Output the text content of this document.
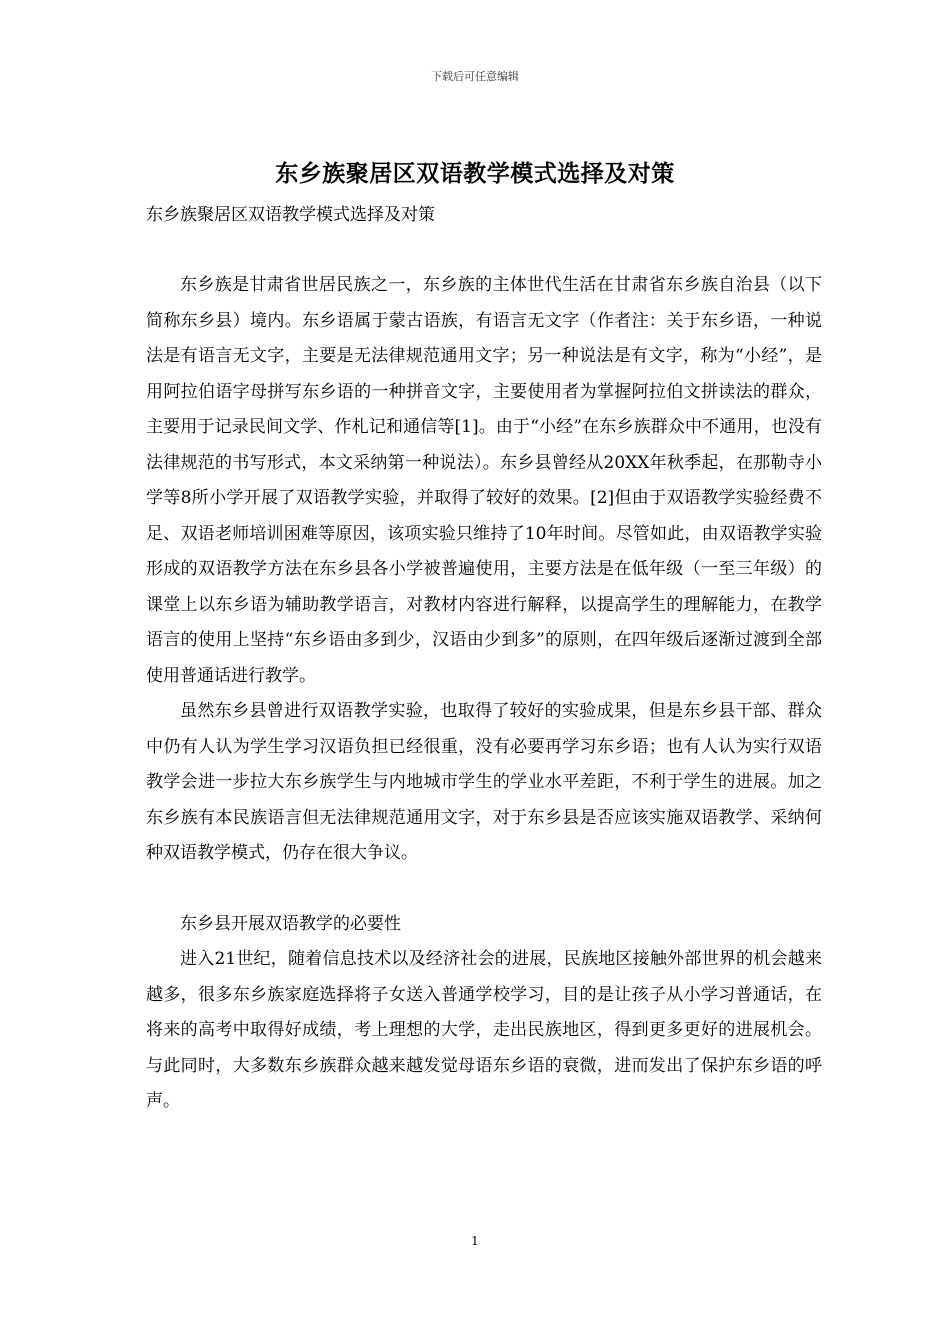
下载后可任意编辑
东乡族聚居区双语教学模式选择及对策
东乡族聚居区双语教学模式选择及对策

东乡族是甘肃省世居民族之一，东乡族的主体世代生活在甘肃省东乡族自治县（以下简称东乡县）境内。东乡语属于蒙古语族，有语言无文字（作者注：关于东乡语，一种说法是有语言无文字，主要是无法律规范通用文字；另一种说法是有文字，称为“小经”，是用阿拉伯语字母拼写东乡语的一种拼音文字，主要使用者为掌握阿拉伯文拼读法的群众，主要用于记录民间文学、作札记和通信等[1]。由于“小经”在东乡族群众中不通用，也没有法律规范的书写形式，本文采纳第一种说法）。东乡县曾经从20XX年秋季起，在那勒寺小学等8所小学开展了双语教学实验，并取得了较好的效果。[2]但由于双语教学实验经费不足、双语老师培训困难等原因，该项实验只维持了10年时间。尽管如此，由双语教学实验形成的双语教学方法在东乡县各小学被普遍使用，主要方法是在低年级（一至三年级）的课堂上以东乡语为辅助教学语言，对教材内容进行解释，以提高学生的理解能力，在教学语言的使用上坚持“东乡语由多到少，汉语由少到多”的原则，在四年级后逐渐过渡到全部使用普通话进行教学。

虽然东乡县曾进行双语教学实验，也取得了较好的实验成果，但是东乡县干部、群众中仍有人认为学生学习汉语负担已经很重，没有必要再学习东乡语；也有人认为实行双语教学会进一步拉大东乡族学生与内地城市学生的学业水平差距，不利于学生的进展。加之东乡族有本民族语言但无法律规范通用文字，对于东乡县是否应该实施双语教学、采纳何种双语教学模式，仍存在很大争议。

东乡县开展双语教学的必要性

进入21世纪，随着信息技术以及经济社会的进展，民族地区接触外部世界的机会越来越多，很多东乡族家庭选择将子女送入普通学校学习，目的是让孩子从小学习普通话，在将来的高考中取得好成绩，考上理想的大学，走出民族地区，得到更多更好的进展机会。与此同时，大多数东乡族群众越来越发觉母语东乡语的衰微，进而发出了保护东乡语的呼声。

1
